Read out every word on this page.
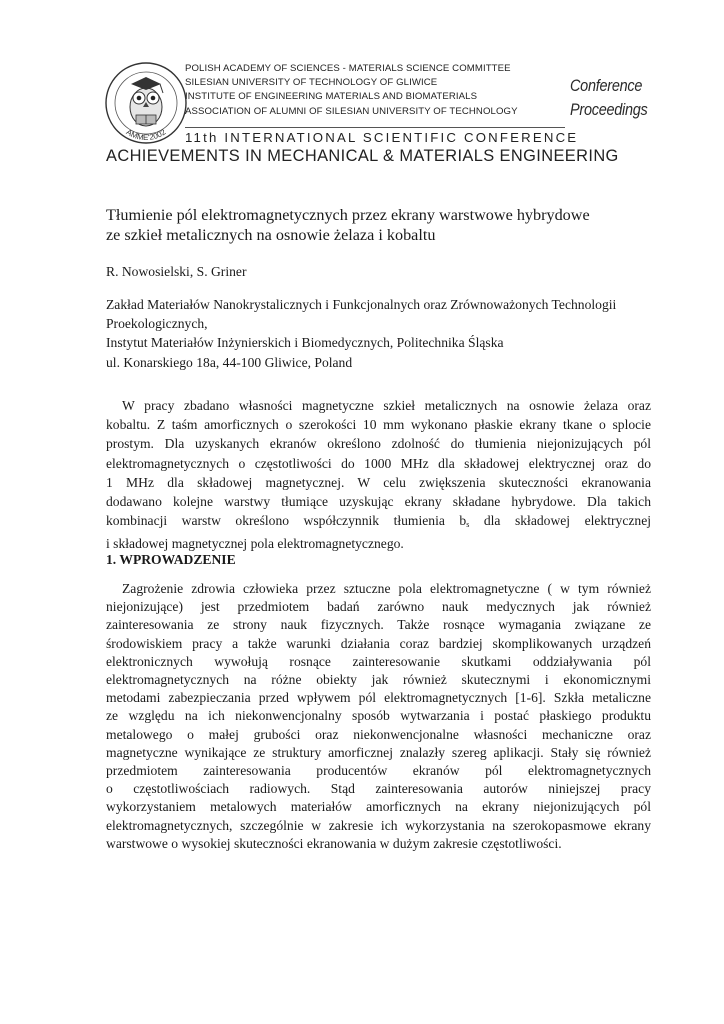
AMME'2002
POLISH ACADEMY OF SCIENCES - MATERIALS SCIENCE COMMITTEE
SILESIAN UNIVERSITY OF TECHNOLOGY OF GLIWICE
INSTITUTE OF ENGINEERING MATERIALS AND BIOMATERIALS
ASSOCIATION OF ALUMNI OF SILESIAN UNIVERSITY OF TECHNOLOGY
Conference
Proceedings
11th INTERNATIONAL SCIENTIFIC CONFERENCE
ACHIEVEMENTS IN MECHANICAL & MATERIALS ENGINEERING
Tłumienie pól elektromagnetycznych przez ekrany warstwowe hybrydowe
ze szkieł metalicznych na osnowie żelaza i kobaltu
R. Nowosielski, S. Griner
Zakład Materiałów Nanokrystalicznych i Funkcjonalnych oraz Zrównoważonych Technologii
Proekologicznych,
Instytut Materiałów Inżynierskich i Biomedycznych, Politechnika Śląska
ul. Konarskiego 18a, 44-100 Gliwice, Poland
W pracy zbadano własności magnetyczne szkieł metalicznych na osnowie żelaza oraz
kobaltu. Z taśm amorficznych o szerokości 10 mm wykonano płaskie ekrany tkane o splocie
prostym. Dla uzyskanych ekranów określono zdolność do tłumienia niejonizujących pól
elektromagnetycznych o częstotliwości do 1000 MHz dla składowej elektrycznej oraz do
1 MHz dla składowej magnetycznej. W celu zwiększenia skuteczności ekranowania
dodawano kolejne warstwy tłumiące uzyskując ekrany składane hybrydowe. Dla takich
kombinacji warstw określono współczynnik tłumienia $b_s$ dla składowej elektrycznej
i składowej magnetycznej pola elektromagnetycznego.
1. WPROWADZENIE
Zagrożenie zdrowia człowieka przez sztuczne pola elektromagnetyczne ( w tym również
niejonizujące) jest przedmiotem badań zarówno nauk medycznych jak również
zainteresowania ze strony nauk fizycznych. Także rosnące wymagania związane ze
środowiskiem pracy a także warunki działania coraz bardziej skomplikowanych urządzeń
elektronicznych wywołują rosnące zainteresowanie skutkami oddziaływania pól
elektromagnetycznych na różne obiekty jak również skutecznymi i ekonomicznymi
metodami zabezpieczania przed wpływem pól elektromagnetycznych [1-6]. Szkła metaliczne
ze względu na ich niekonwencjonalny sposób wytwarzania i postać płaskiego produktu
metalowego o małej grubości oraz niekonwencjonalne własności mechaniczne oraz
magnetyczne wynikające ze struktury amorficznej znalazły szereg aplikacji. Stały się również
przedmiotem zainteresowania producentów ekranów pól elektromagnetycznych
o częstotliwościach radiowych. Stąd zainteresowania autorów niniejszej pracy
wykorzystaniem metalowych materiałów amorficznych na ekrany niejonizujących pól
elektromagnetycznych, szczególnie w zakresie ich wykorzystania na szerokopasmowe ekrany
warstwowe o wysokiej skuteczności ekranowania w dużym zakresie częstotliwości.
